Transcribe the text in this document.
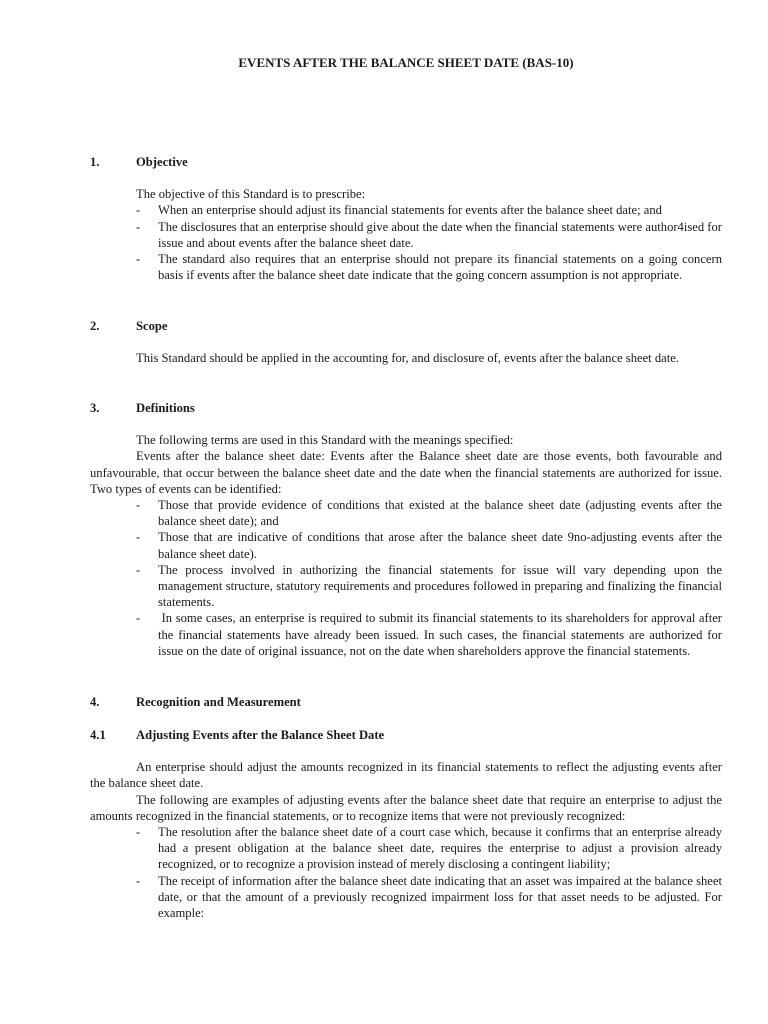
EVENTS AFTER THE BALANCE SHEET DATE (BAS-10)
1.	Objective

The objective of this Standard is to prescribe:

- When an enterprise should adjust its financial statements for events after the balance sheet date; and
- The disclosures that an enterprise should give about the date when the financial statements were author4ised for issue and about events after the balance sheet date.
- The standard also requires that an enterprise should not prepare its financial statements on a going concern basis if events after the balance sheet date indicate that the going concern assumption is not appropriate.
2.	Scope

This Standard should be applied in the accounting for, and disclosure of, events after the balance sheet date.

3.	Definitions

The following terms are used in this Standard with the meanings specified:

Events after the balance sheet date: Events after the Balance sheet date are those events, both favourable and unfavourable, that occur between the balance sheet date and the date when the financial statements are authorized for issue. Two types of events can be identified:

- Those that provide evidence of conditions that existed at the balance sheet date (adjusting events after the balance sheet date); and
- Those that are indicative of conditions that arose after the balance sheet date 9no-adjusting events after the balance sheet date).
- The process involved in authorizing the financial statements for issue will vary depending upon the management structure, statutory requirements and procedures followed in preparing and finalizing the financial statements.
- In some cases, an enterprise is required to submit its financial statements to its shareholders for approval after the financial statements have already been issued. In such cases, the financial statements are authorized for issue on the date of original issuance, not on the date when shareholders approve the financial statements.
4.	Recognition and Measurement
4.1	Adjusting Events after the Balance Sheet Date

An enterprise should adjust the amounts recognized in its financial statements to reflect the adjusting events after the balance sheet date.

The following are examples of adjusting events after the balance sheet date that require an enterprise to adjust the amounts recognized in the financial statements, or to recognize items that were not previously recognized:

- The resolution after the balance sheet date of a court case which, because it confirms that an enterprise already had a present obligation at the balance sheet date, requires the enterprise to adjust a provision already recognized, or to recognize a provision instead of merely disclosing a contingent liability;
- The receipt of information after the balance sheet date indicating that an asset was impaired at the balance sheet date, or that the amount of a previously recognized impairment loss for that asset needs to be adjusted. For example:
